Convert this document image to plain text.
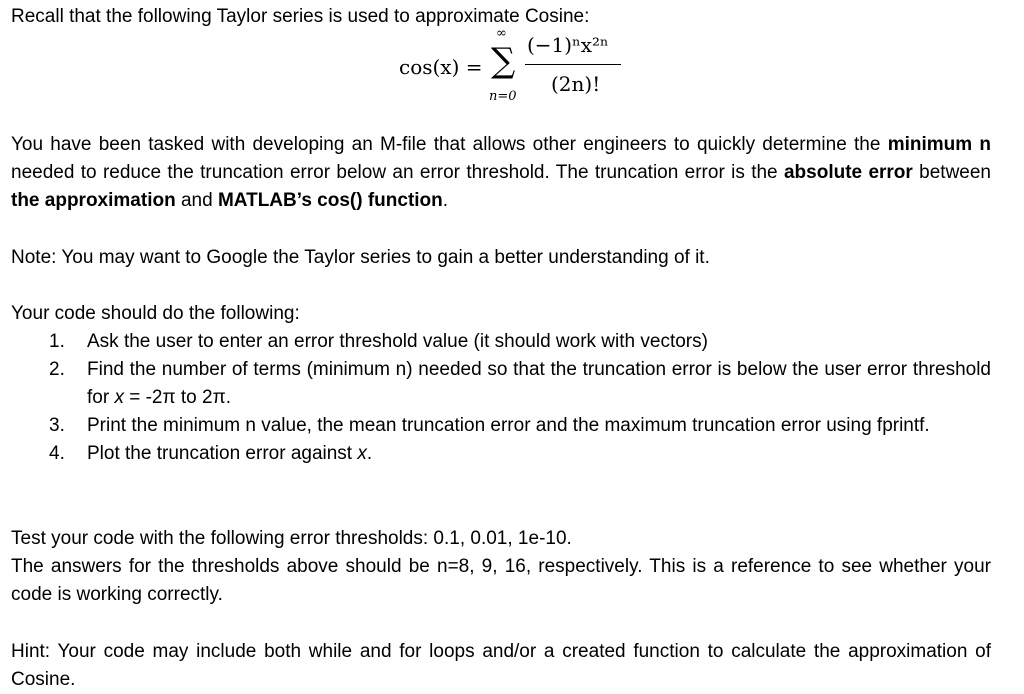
Recall that the following Taylor series is used to approximate Cosine:

cos(x) =
∞
∑
n=0
(−1)ⁿx²ⁿ
(2n)!

You have been tasked with developing an M-file that allows other engineers to quickly determine the minimum n needed to reduce the truncation error below an error threshold. The truncation error is the absolute error between the approximation and MATLAB’s cos() function.

Note: You may want to Google the Taylor series to gain a better understanding of it.

Your code should do the following:

1. Ask the user to enter an error threshold value (it should work with vectors)
2. Find the number of terms (minimum n) needed so that the truncation error is below the user error threshold for x = -2π to 2π.
3. Print the minimum n value, the mean truncation error and the maximum truncation error using fprintf.
4. Plot the truncation error against x.

Test your code with the following error thresholds: 0.1, 0.01, 1e-10.

The answers for the thresholds above should be n=8, 9, 16, respectively. This is a reference to see whether your code is working correctly.

Hint: Your code may include both while and for loops and/or a created function to calculate the approximation of Cosine.
